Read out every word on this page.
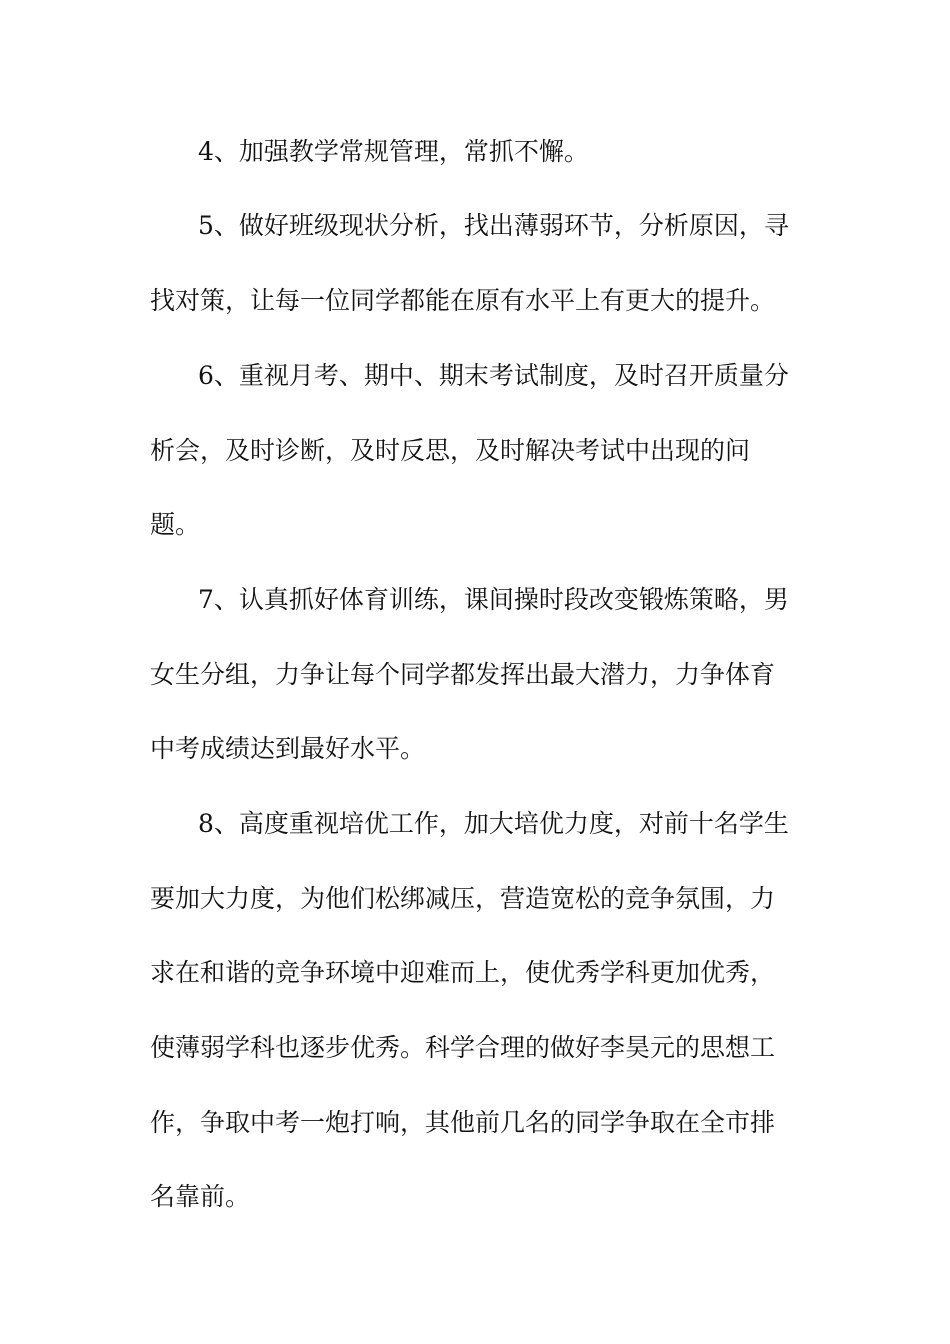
4、加强教学常规管理，常抓不懈。

5、做好班级现状分析，找出薄弱环节，分析原因，寻

找对策，让每一位同学都能在原有水平上有更大的提升。

6、重视月考、期中、期末考试制度，及时召开质量分

析会，及时诊断，及时反思，及时解决考试中出现的问

题。

7、认真抓好体育训练，课间操时段改变锻炼策略，男

女生分组，力争让每个同学都发挥出最大潜力，力争体育

中考成绩达到最好水平。

8、高度重视培优工作，加大培优力度，对前十名学生

要加大力度，为他们松绑减压，营造宽松的竞争氛围，力

求在和谐的竞争环境中迎难而上，使优秀学科更加优秀，

使薄弱学科也逐步优秀。科学合理的做好李昊元的思想工

作，争取中考一炮打响，其他前几名的同学争取在全市排

名靠前。
